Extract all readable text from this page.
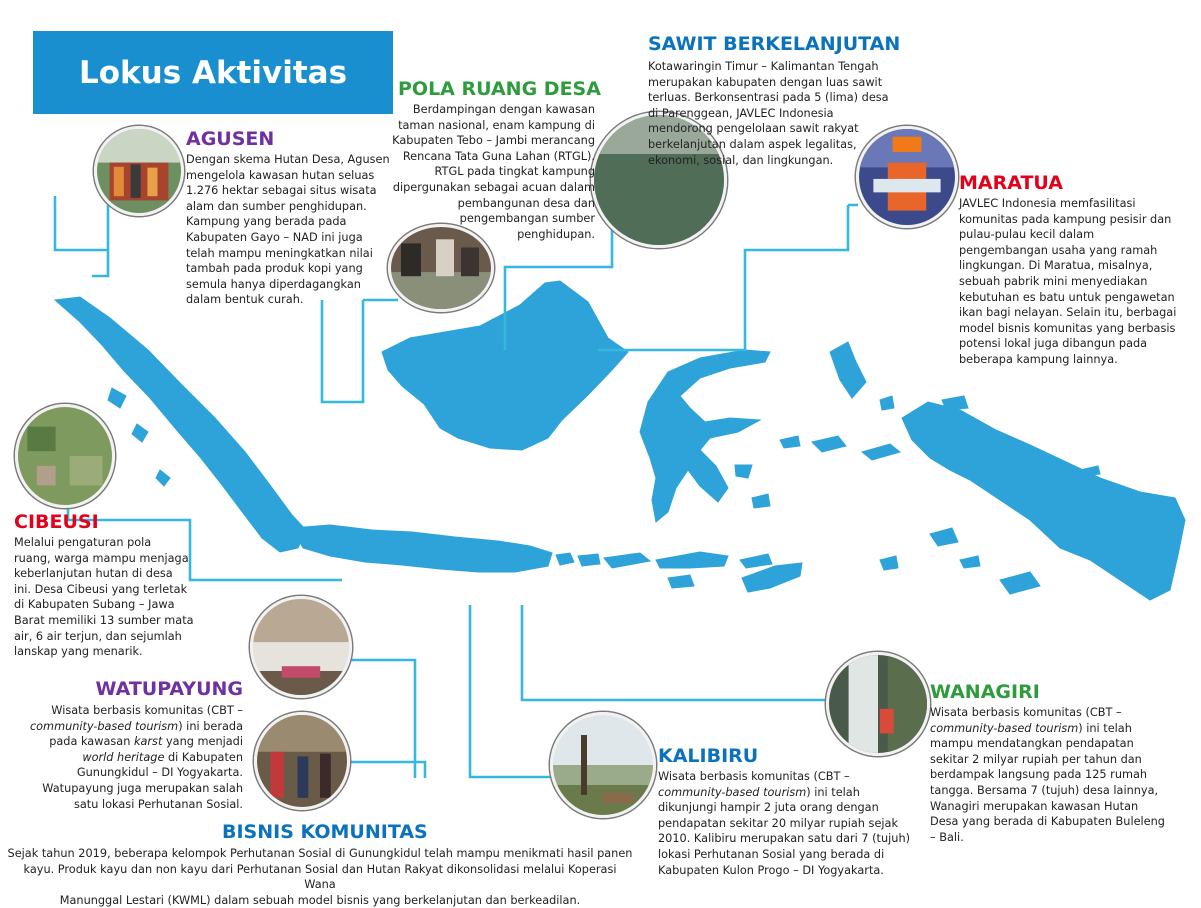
Lokus Aktivitas
AGUSEN

Dengan skema Hutan Desa, Agusen

mengelola kawasan hutan seluas

1.276 hektar sebagai situs wisata

alam dan sumber penghidupan.

Kampung yang berada pada

Kabupaten Gayo – NAD ini juga

telah mampu meningkatkan nilai

tambah pada produk kopi yang

semula hanya diperdagangkan

dalam bentuk curah.

POLA RUANG DESA

Berdampingan dengan kawasan

taman nasional, enam kampung di

Kabupaten Tebo – Jambi merancang

Rencana Tata Guna Lahan (RTGL).

RTGL pada tingkat kampung

dipergunakan sebagai acuan dalam

pembangunan desa dan

pengembangan sumber

penghidupan.

SAWIT BERKELANJUTAN

Kotawaringin Timur – Kalimantan Tengah

merupakan kabupaten dengan luas sawit

terluas. Berkonsentrasi pada 5 (lima) desa

di Parenggean, JAVLEC Indonesia

mendorong pengelolaan sawit rakyat

berkelanjutan dalam aspek legalitas,

ekonomi, sosial, dan lingkungan.

MARATUA

JAVLEC Indonesia memfasilitasi

komunitas pada kampung pesisir dan

pulau-pulau kecil dalam

pengembangan usaha yang ramah

lingkungan. Di Maratua, misalnya,

sebuah pabrik mini menyediakan

kebutuhan es batu untuk pengawetan

ikan bagi nelayan. Selain itu, berbagai

model bisnis komunitas yang berbasis

potensi lokal juga dibangun pada

beberapa kampung lainnya.

CIBEUSI

Melalui pengaturan pola

ruang, warga mampu menjaga

keberlanjutan hutan di desa

ini. Desa Cibeusi yang terletak

di Kabupaten Subang – Jawa

Barat memiliki 13 sumber mata

air, 6 air terjun, dan sejumlah

lanskap yang menarik.

WATUPAYUNG

Wisata berbasis komunitas (CBT –

community-based tourism) ini berada

pada kawasan karst yang menjadi

world heritage di Kabupaten

Gunungkidul – DI Yogyakarta.

Watupayung juga merupakan salah

satu lokasi Perhutanan Sosial.

KALIBIRU

Wisata berbasis komunitas (CBT –

community-based tourism) ini telah

dikunjungi hampir 2 juta orang dengan

pendapatan sekitar 20 milyar rupiah sejak

2010. Kalibiru merupakan satu dari 7 (tujuh)

lokasi Perhutanan Sosial yang berada di

Kabupaten Kulon Progo – DI Yogyakarta.

WANAGIRI

Wisata berbasis komunitas (CBT –

community-based tourism) ini telah

mampu mendatangkan pendapatan

sekitar 2 milyar rupiah per tahun dan

berdampak langsung pada 125 rumah

tangga. Bersama 7 (tujuh) desa lainnya,

Wanagiri merupakan kawasan Hutan

Desa yang berada di Kabupaten Buleleng

– Bali.

BISNIS KOMUNITAS

Sejak tahun 2019, beberapa kelompok Perhutanan Sosial di Gunungkidul telah mampu menikmati hasil panen

kayu. Produk kayu dan non kayu dari Perhutanan Sosial dan Hutan Rakyat dikonsolidasi melalui Koperasi Wana

Manunggal Lestari (KWML) dalam sebuah model bisnis yang berkelanjutan dan berkeadilan.
